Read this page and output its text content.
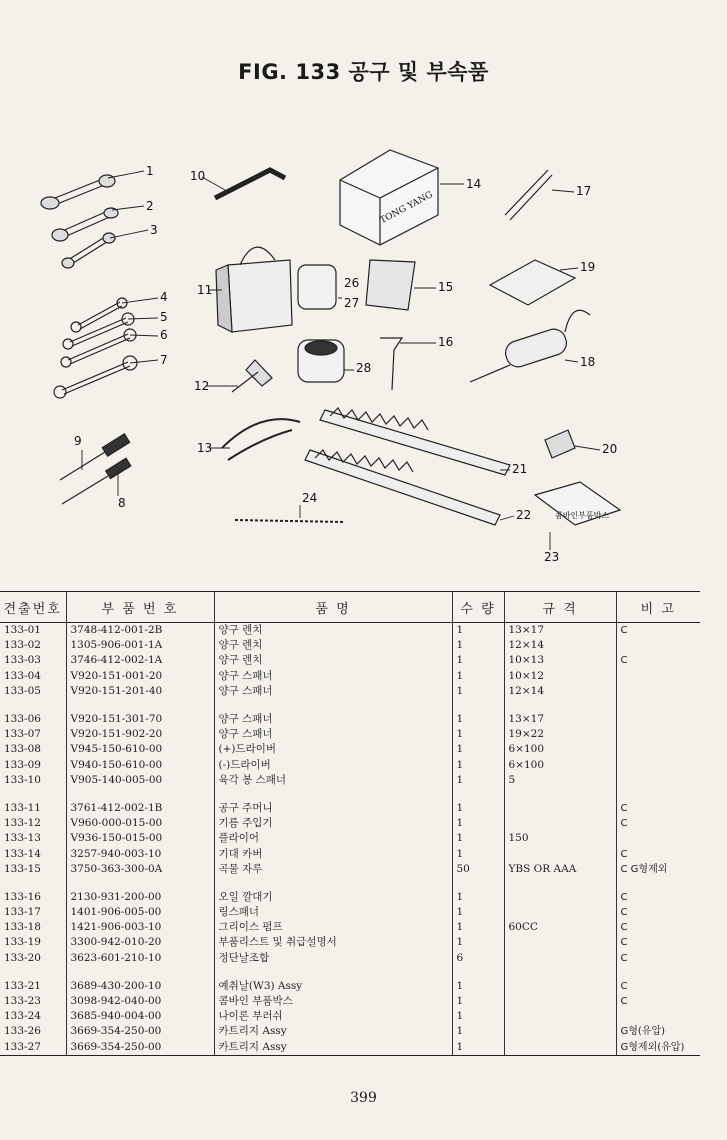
FIG. 133 공구 및 부속품
TONG YANG
콤바인부품박스
1
2
3
4
5
6
7
8
9
10
11
12
13
14
15
16
17
18
19
20
21
22
23
24
26
27
28
견출번호	부 품 번 호	품 명	수 량	규 격	비 고
133-01	3748-412-001-2B	양구 렌치	1	13×17	C
133-02	1305-906-001-1A	양구 렌치	1	12×14	
133-03	3746-412-002-1A	양구 렌치	1	10×13	C
133-04	V920-151-001-20	양구 스패너	1	10×12	
133-05	V920-151-201-40	양구 스패너	1	12×14	

133-06	V920-151-301-70	양구 스패너	1	13×17	
133-07	V920-151-902-20	양구 스패너	1	19×22	
133-08	V945-150-610-00	(+)드라이버	1	6×100	
133-09	V940-150-610-00	(-)드라이버	1	6×100	
133-10	V905-140-005-00	육각 봉 스패너	1	5	

133-11	3761-412-002-1B	공구 주머니	1		C
133-12	V960-000-015-00	기름 주입기	1		C
133-13	V936-150-015-00	플라이어	1	150	
133-14	3257-940-003-10	기대 카버	1		C
133-15	3750-363-300-0A	곡물 자루	50	YBS OR AAA	C G형제외

133-16	2130-931-200-00	오일 깔대기	1		C
133-17	1401-906-005-00	링스패너	1		C
133-18	1421-906-003-10	그리이스 펌프	1	60CC	C
133-19	3300-942-010-20	부품리스트 및 취급설명서	1		C
133-20	3623-601-210-10	정단날조합	6		C

133-21	3689-430-200-10	예취날(W3) Assy	1		C
133-23	3098-942-040-00	콤바인 부품박스	1		C
133-24	3685-940-004-00	나이론 부러쉬	1		
133-26	3669-354-250-00	카트리지 Assy	1		G형(유압)
133-27	3669-354-250-00	카트리지 Assy	1		G형제외(유압)
399
